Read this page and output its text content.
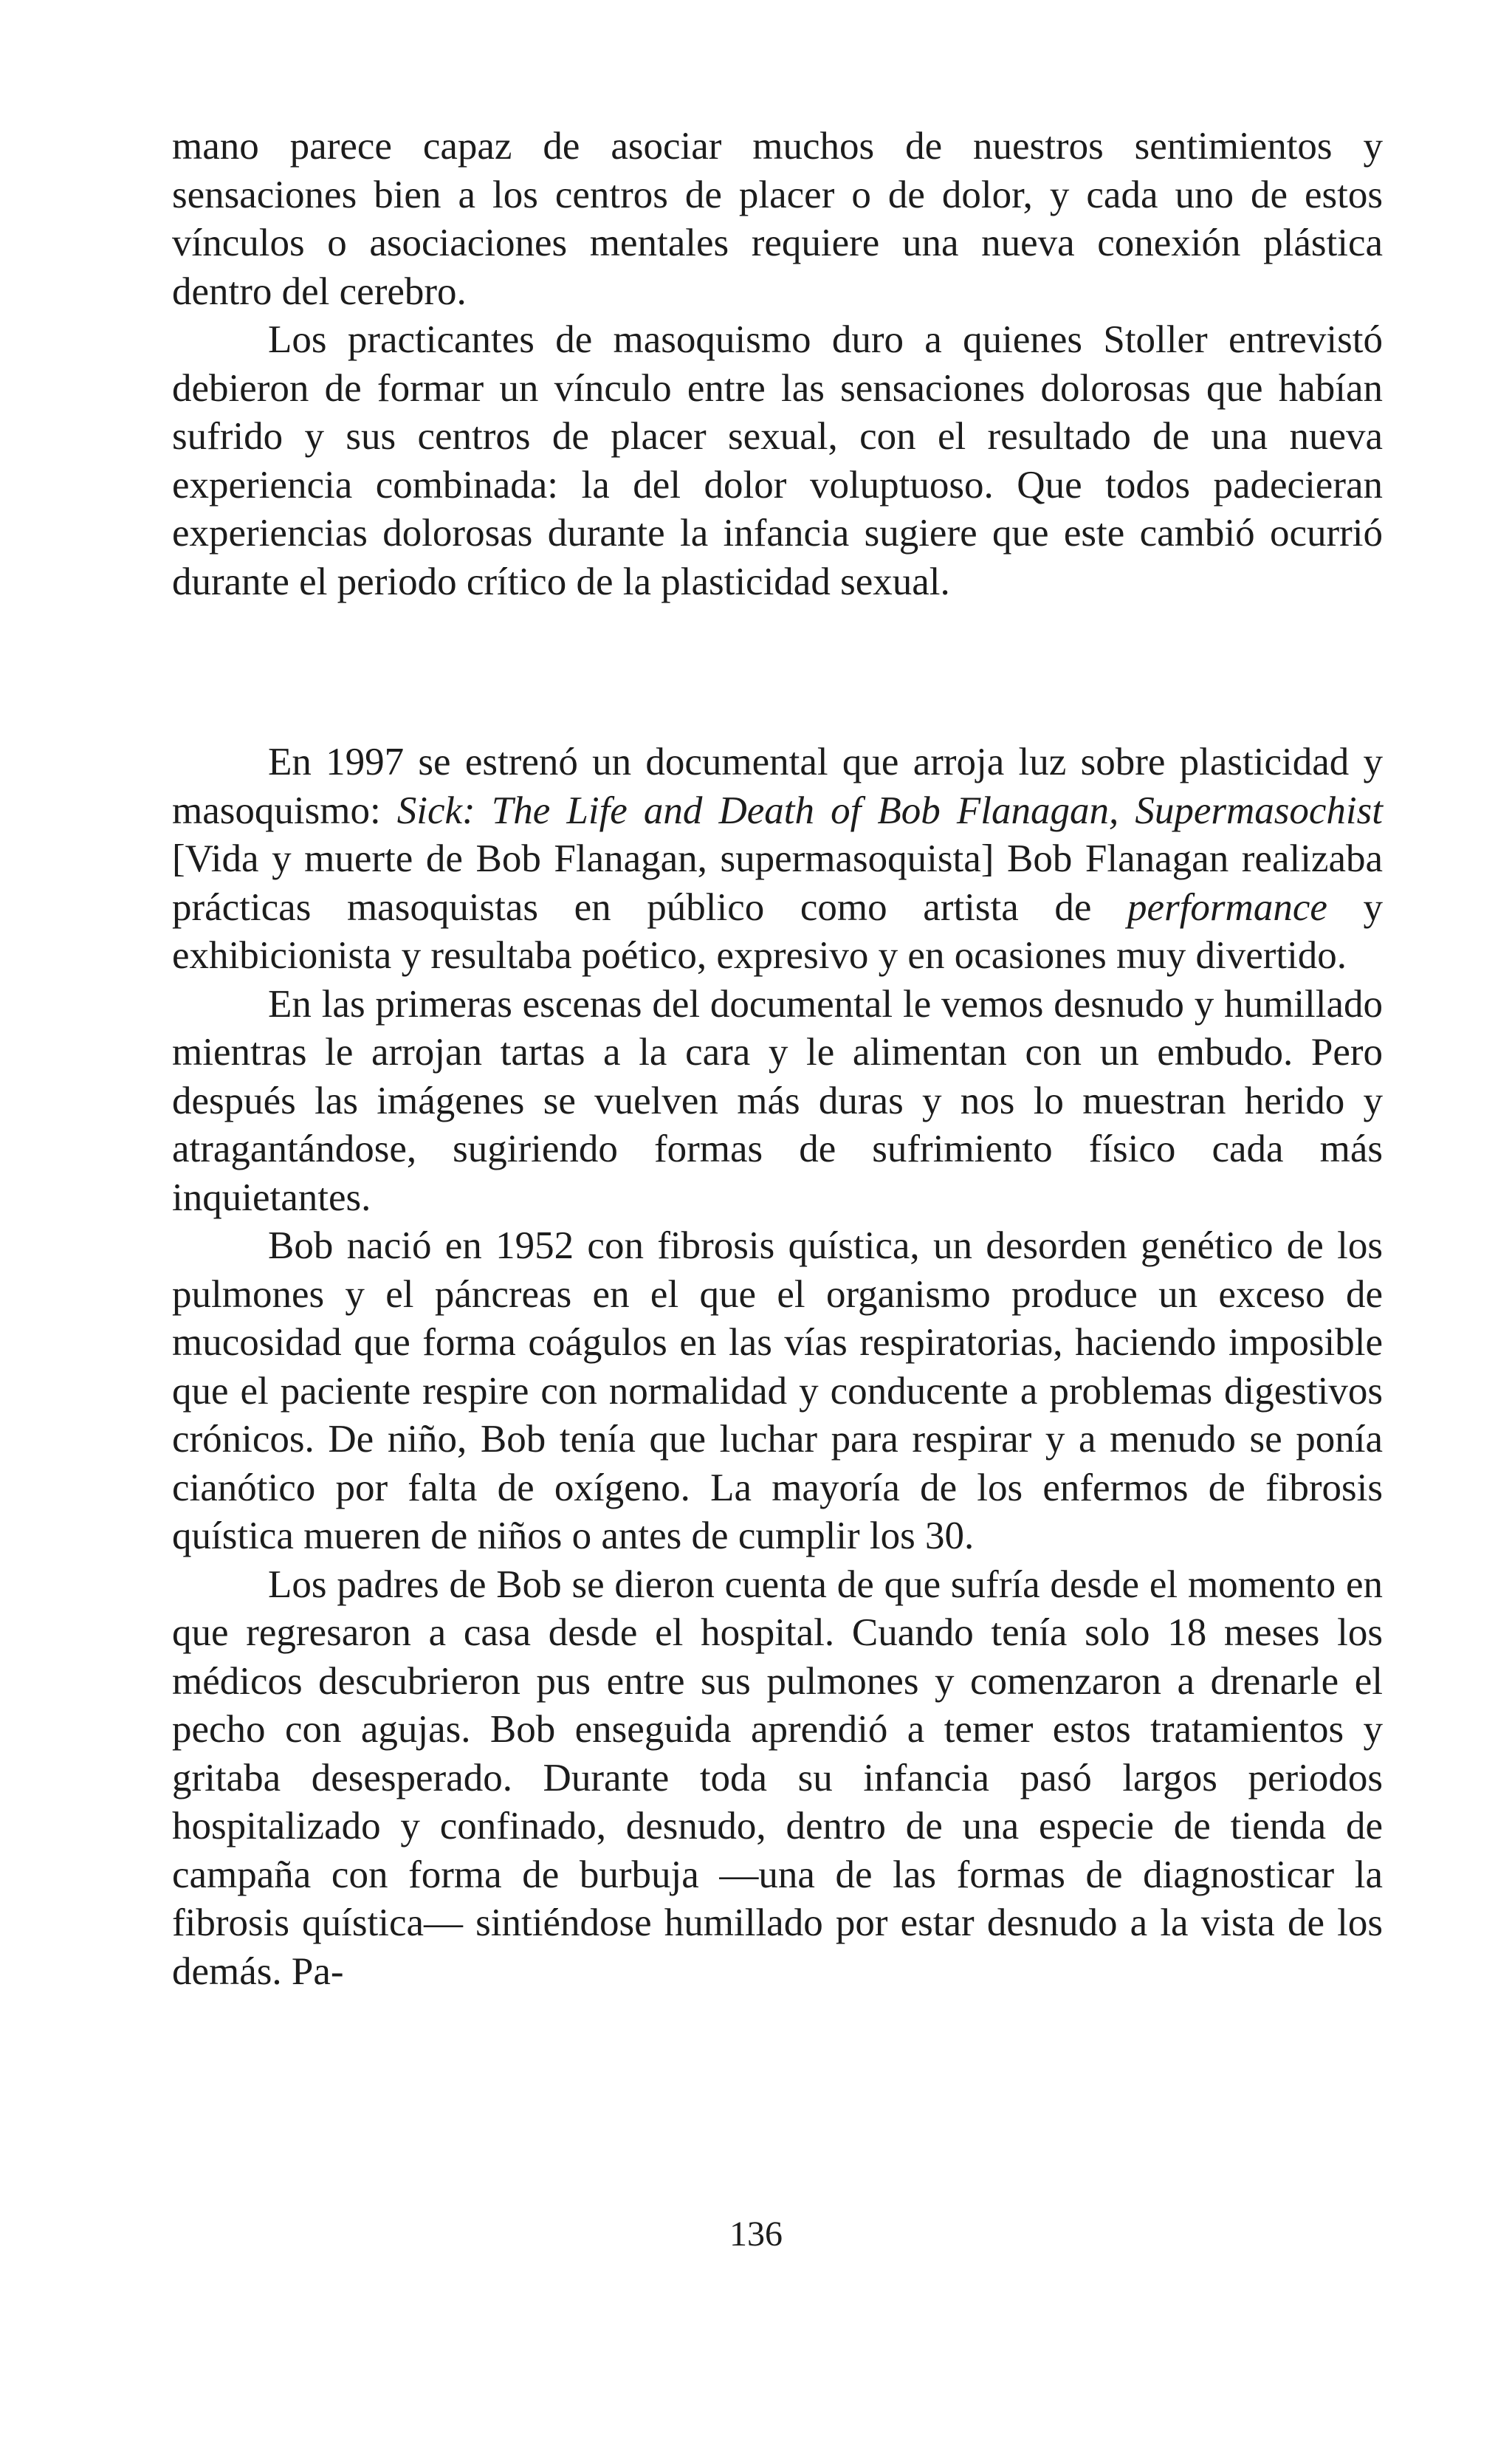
mano parece capaz de asociar muchos de nuestros sentimientos y sensaciones bien a los centros de placer o de dolor, y cada uno de estos vínculos o asociaciones mentales requiere una nueva conexión plástica dentro del cerebro.

Los practicantes de masoquismo duro a quienes Stoller entrevistó debieron de formar un vínculo entre las sensaciones dolorosas que habían sufrido y sus centros de placer sexual, con el resultado de una nueva experiencia combinada: la del dolor voluptuoso. Que todos padecieran experiencias dolorosas durante la infancia sugiere que este cambió ocurrió durante el periodo crítico de la plasticidad sexual.

En 1997 se estrenó un documental que arroja luz sobre plasticidad y masoquismo: Sick: The Life and Death of Bob Flanagan, Supermasochist [Vida y muerte de Bob Flanagan, supermasoquista] Bob Flanagan realizaba prácticas masoquistas en público como artista de performance y exhibicionista y resultaba poético, expresivo y en ocasiones muy divertido.

En las primeras escenas del documental le vemos desnudo y humillado mientras le arrojan tartas a la cara y le alimentan con un embudo. Pero después las imágenes se vuelven más duras y nos lo muestran herido y atragantándose, sugiriendo formas de sufrimiento físico cada más inquietantes.

Bob nació en 1952 con fibrosis quística, un desorden genético de los pulmones y el páncreas en el que el organismo produce un exceso de mucosidad que forma coágulos en las vías respiratorias, haciendo imposible que el paciente respire con normalidad y conducente a problemas digestivos crónicos. De niño, Bob tenía que luchar para respirar y a menudo se ponía cianótico por falta de oxígeno. La mayoría de los enfermos de fibrosis quística mueren de niños o antes de cumplir los 30.

Los padres de Bob se dieron cuenta de que sufría desde el momento en que regresaron a casa desde el hospital. Cuando tenía solo 18 meses los médicos descubrieron pus entre sus pulmones y comenzaron a drenarle el pecho con agujas. Bob enseguida aprendió a temer estos tratamientos y gritaba desesperado. Durante toda su infancia pasó largos periodos hospitalizado y confinado, desnudo, dentro de una especie de tienda de campaña con forma de burbuja —una de las formas de diagnosticar la fibrosis quística— sintiéndose humillado por estar desnudo a la vista de los demás. Pa-

136
